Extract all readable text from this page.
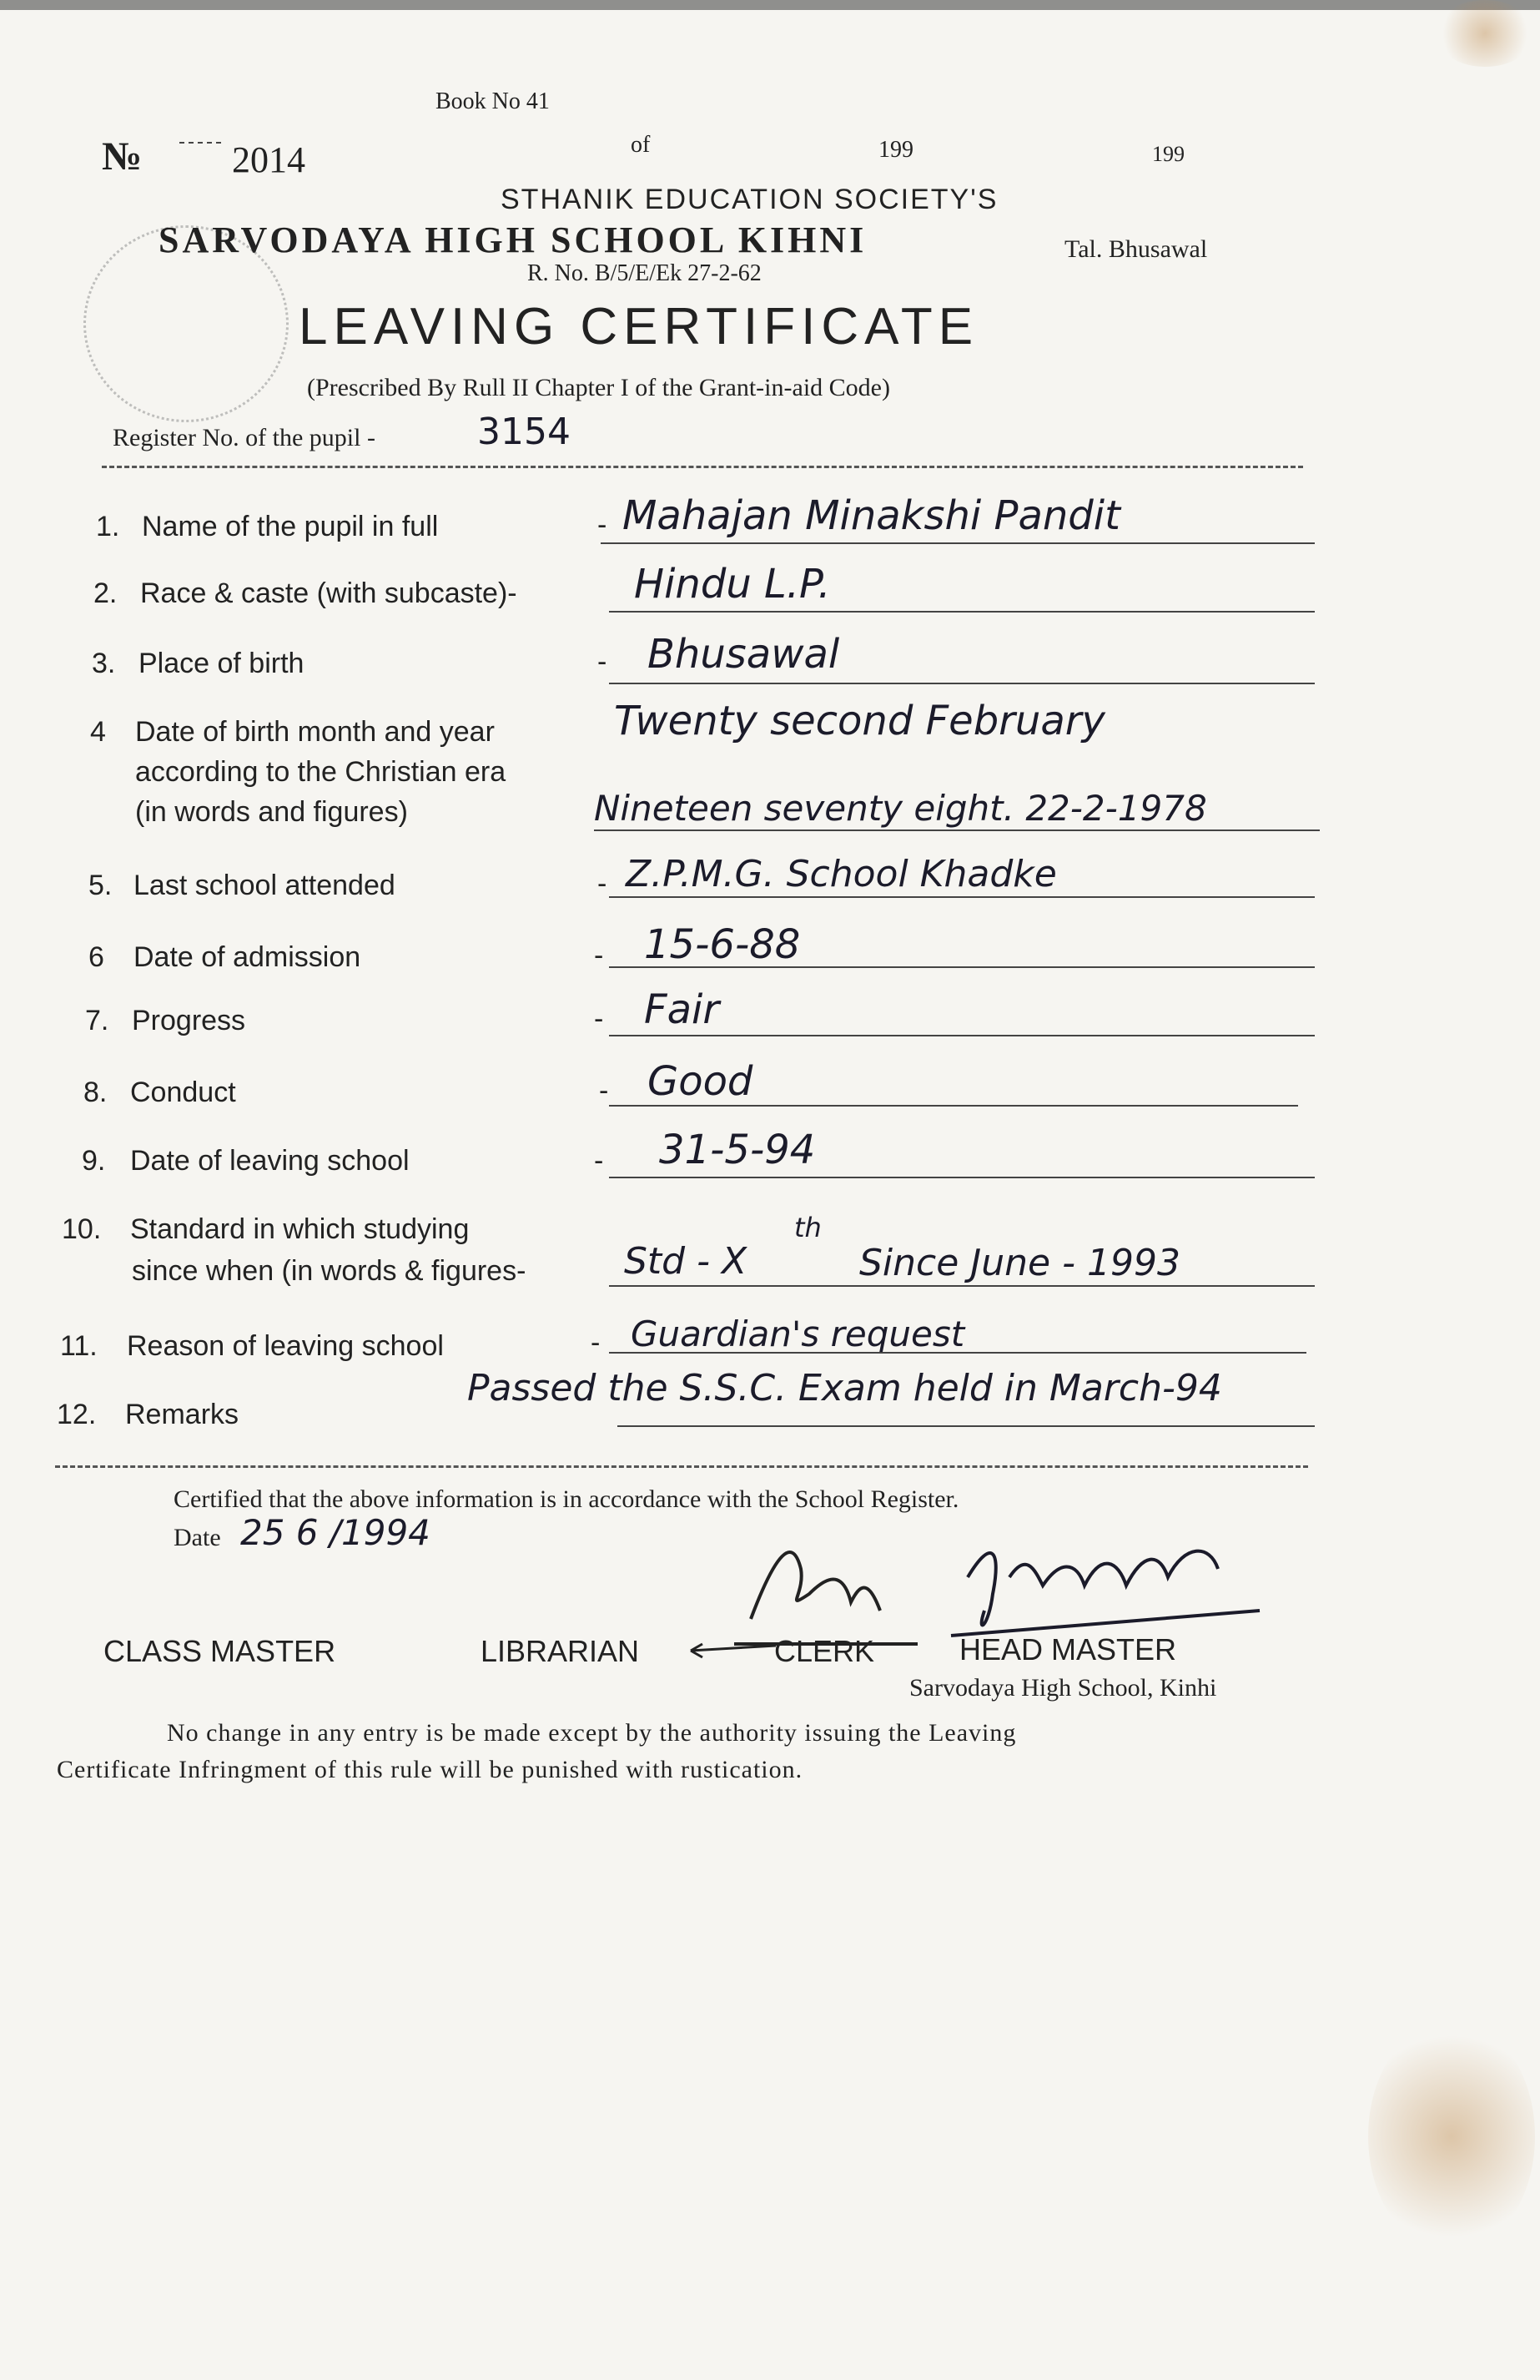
Book No 41
№ 2014	of	199	199
STHANIK EDUCATION SOCIETY'S
SARVODAYA HIGH SCHOOL KIHNI	Tal. Bhusawal
R. No. B/5/E/Ek 27-2-62
LEAVING CERTIFICATE
(Prescribed By Rull II Chapter I of the Grant-in-aid Code)
Register No. of the pupil -	3154
1. Name of the pupil in full	- Mahajan Minakshi Pandit
2. Race & caste (with subcaste)-	Hindu L.P.
3. Place of birth	- Bhusawal
4 Date of birth month and year
according to the Christian era
(in words and figures)
Twenty second February
Nineteen seventy eight. 22-2-1978
5. Last school attended	- Z.P.M.G. School Khadke
6 Date of admission	- 15-6-88
7. Progress	- Fair
8. Conduct	- Good
9. Date of leaving school	- 31-5-94
10. Standard in which studying
since when (in words & figures-	Std - X
th
Since June - 1993
11. Reason of leaving school	- Guardian's request
12. Remarks
Passed the S.S.C. Exam held in March-94
Certified that the above information is in accordance with the School Register.
Date 25 6 /1994
CLASS MASTER	LIBRARIAN	CLERK	HEAD MASTER
Sarvodaya High School, Kinhi
No change in any entry is be made except by the authority issuing the Leaving
Certificate Infringment of this rule will be punished with rustication.
